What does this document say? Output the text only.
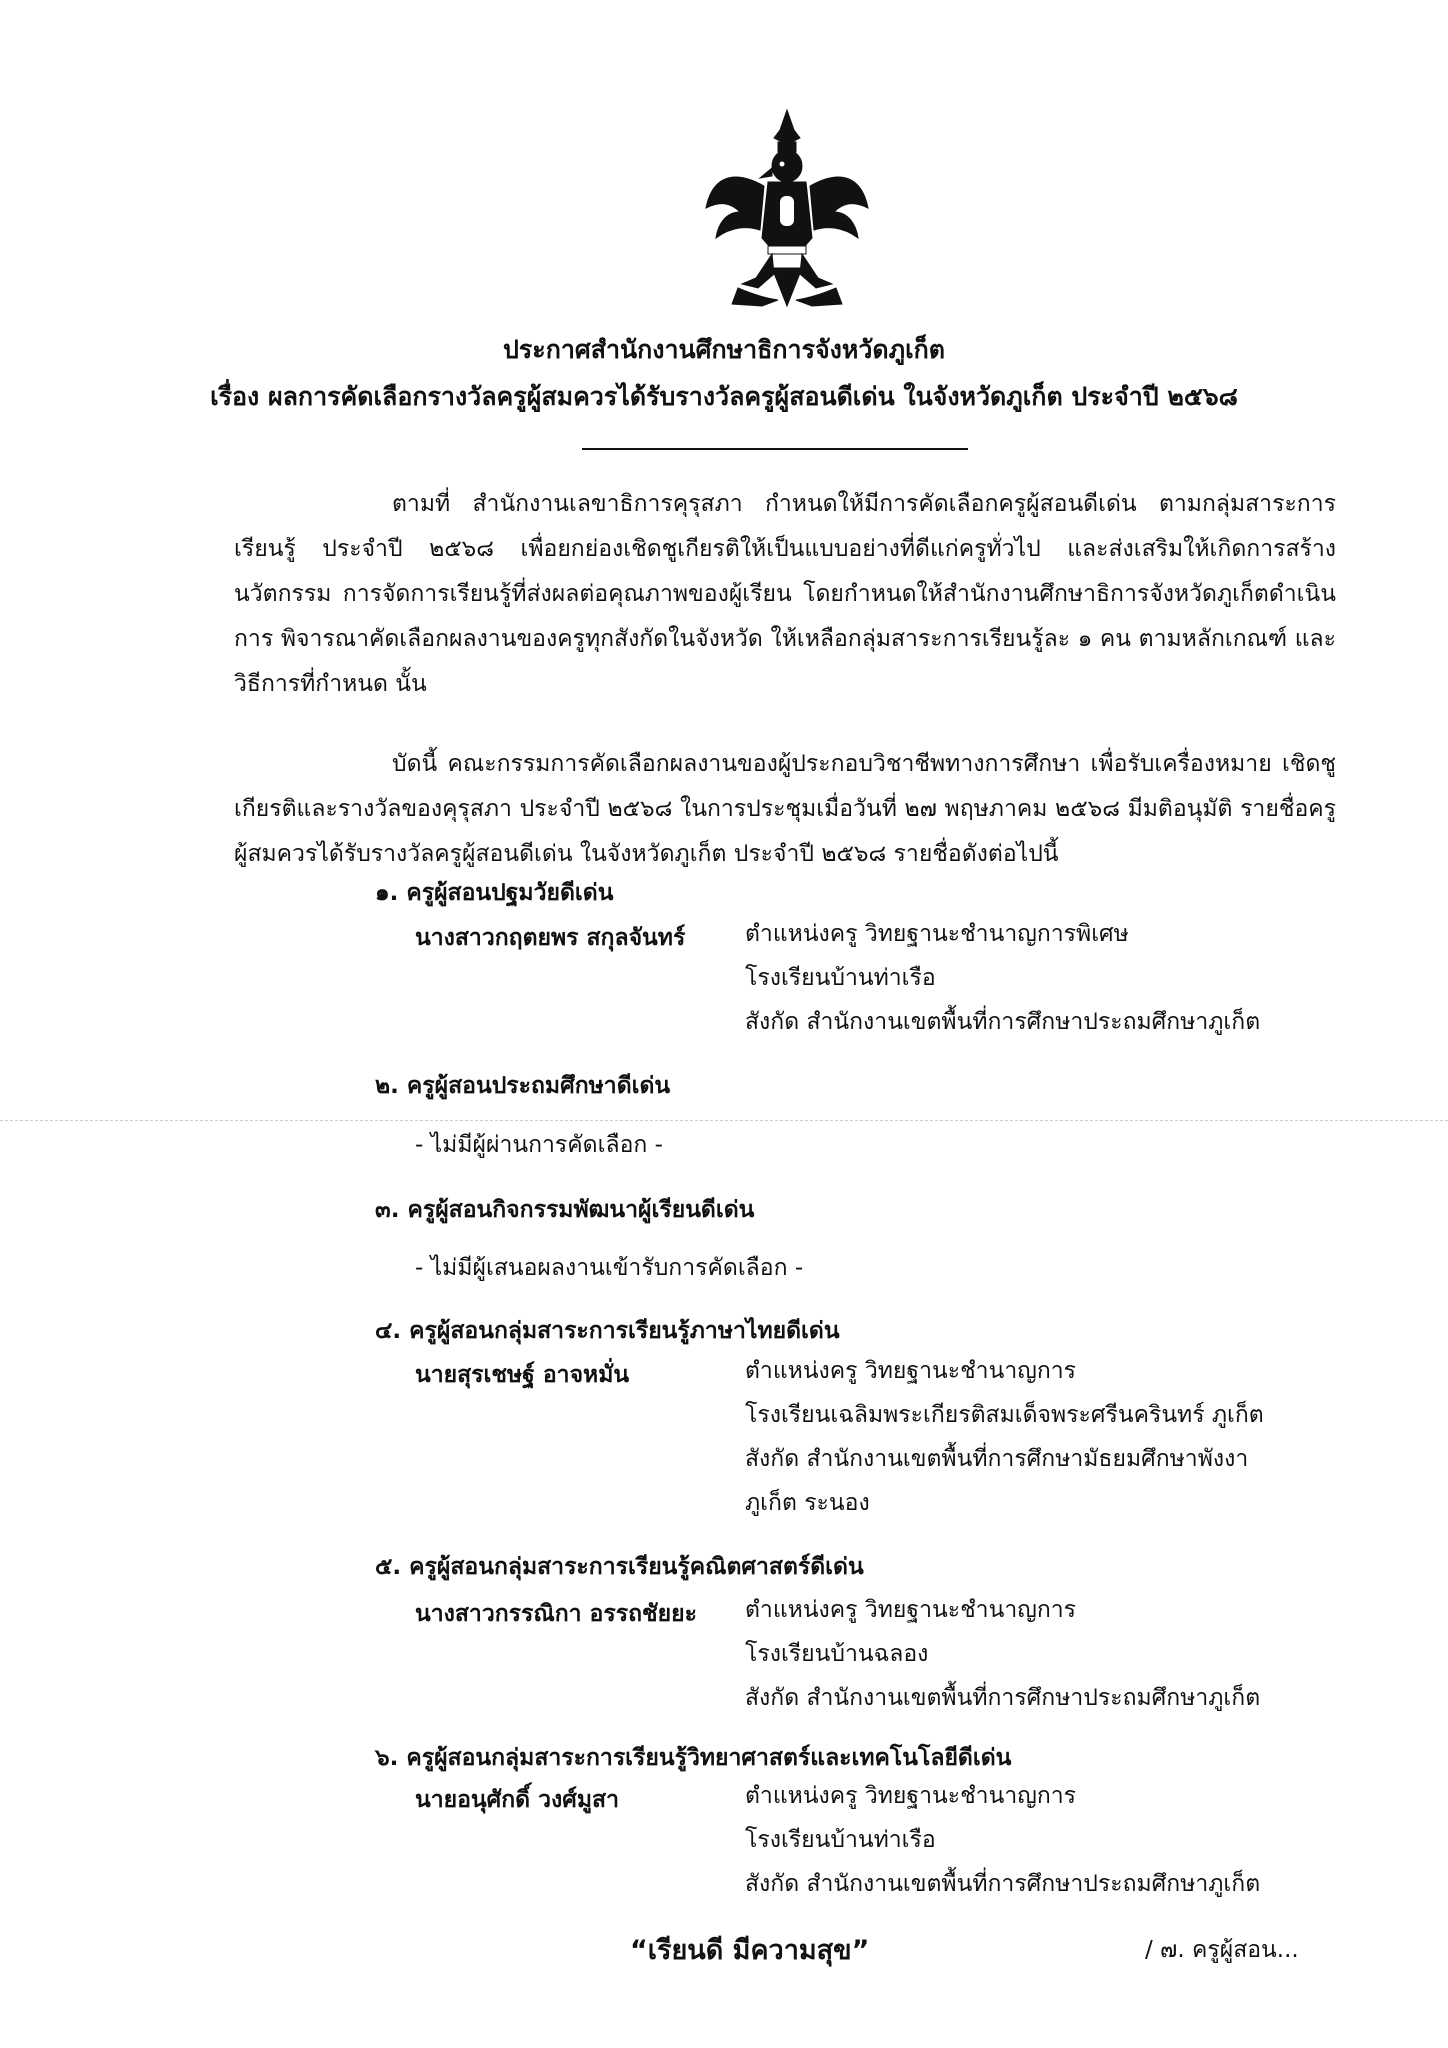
ประกาศสำนักงานศึกษาธิการจังหวัดภูเก็ต
เรื่อง ผลการคัดเลือกรางวัลครูผู้สมควรได้รับรางวัลครูผู้สอนดีเด่น ในจังหวัดภูเก็ต ประจำปี ๒๕๖๘
ตามที่ สำนักงานเลขาธิการคุรุสภา กำหนดให้มีการคัดเลือกครูผู้สอนดีเด่น ตามกลุ่มสาระการเรียนรู้ ประจำปี ๒๕๖๘ เพื่อยกย่องเชิดชูเกียรติให้เป็นแบบอย่างที่ดีแก่ครูทั่วไป และส่งเสริมให้เกิดการสร้างนวัตกรรม การจัดการเรียนรู้ที่ส่งผลต่อคุณภาพของผู้เรียน โดยกำหนดให้สำนักงานศึกษาธิการจังหวัดภูเก็ตดำเนินการ พิจารณาคัดเลือกผลงานของครูทุกสังกัดในจังหวัด ให้เหลือกลุ่มสาระการเรียนรู้ละ ๑ คน ตามหลักเกณฑ์ และวิธีการที่กำหนด นั้น
บัดนี้ คณะกรรมการคัดเลือกผลงานของผู้ประกอบวิชาชีพทางการศึกษา เพื่อรับเครื่องหมาย เชิดชูเกียรติและรางวัลของคุรุสภา ประจำปี ๒๕๖๘ ในการประชุมเมื่อวันที่ ๒๗ พฤษภาคม ๒๕๖๘ มีมติอนุมัติ รายชื่อครูผู้สมควรได้รับรางวัลครูผู้สอนดีเด่น ในจังหวัดภูเก็ต ประจำปี ๒๕๖๘ รายชื่อดังต่อไปนี้
๑. ครูผู้สอนปฐมวัยดีเด่น
นางสาวกฤตยพร สกุลจันทร์	ตำแหน่งครู วิทยฐานะชำนาญการพิเศษ
โรงเรียนบ้านท่าเรือ
สังกัด สำนักงานเขตพื้นที่การศึกษาประถมศึกษาภูเก็ต
๒. ครูผู้สอนประถมศึกษาดีเด่น
- ไม่มีผู้ผ่านการคัดเลือก -
๓. ครูผู้สอนกิจกรรมพัฒนาผู้เรียนดีเด่น
- ไม่มีผู้เสนอผลงานเข้ารับการคัดเลือก -
๔. ครูผู้สอนกลุ่มสาระการเรียนรู้ภาษาไทยดีเด่น
นายสุรเชษฐ์ อาจหมั่น	ตำแหน่งครู วิทยฐานะชำนาญการ
โรงเรียนเฉลิมพระเกียรติสมเด็จพระศรีนครินทร์ ภูเก็ต
สังกัด สำนักงานเขตพื้นที่การศึกษามัธยมศึกษาพังงา
ภูเก็ต ระนอง
๕. ครูผู้สอนกลุ่มสาระการเรียนรู้คณิตศาสตร์ดีเด่น
นางสาวกรรณิกา อรรถชัยยะ ตำแหน่งครู วิทยฐานะชำนาญการ
โรงเรียนบ้านฉลอง
สังกัด สำนักงานเขตพื้นที่การศึกษาประถมศึกษาภูเก็ต
๖. ครูผู้สอนกลุ่มสาระการเรียนรู้วิทยาศาสตร์และเทคโนโลยีดีเด่น
นายอนุศักดิ์ วงศ์มูสา	ตำแหน่งครู วิทยฐานะชำนาญการ
โรงเรียนบ้านท่าเรือ
สังกัด สำนักงานเขตพื้นที่การศึกษาประถมศึกษาภูเก็ต
“เรียนดี มีความสุข”	/ ๗. ครูผู้สอน...
